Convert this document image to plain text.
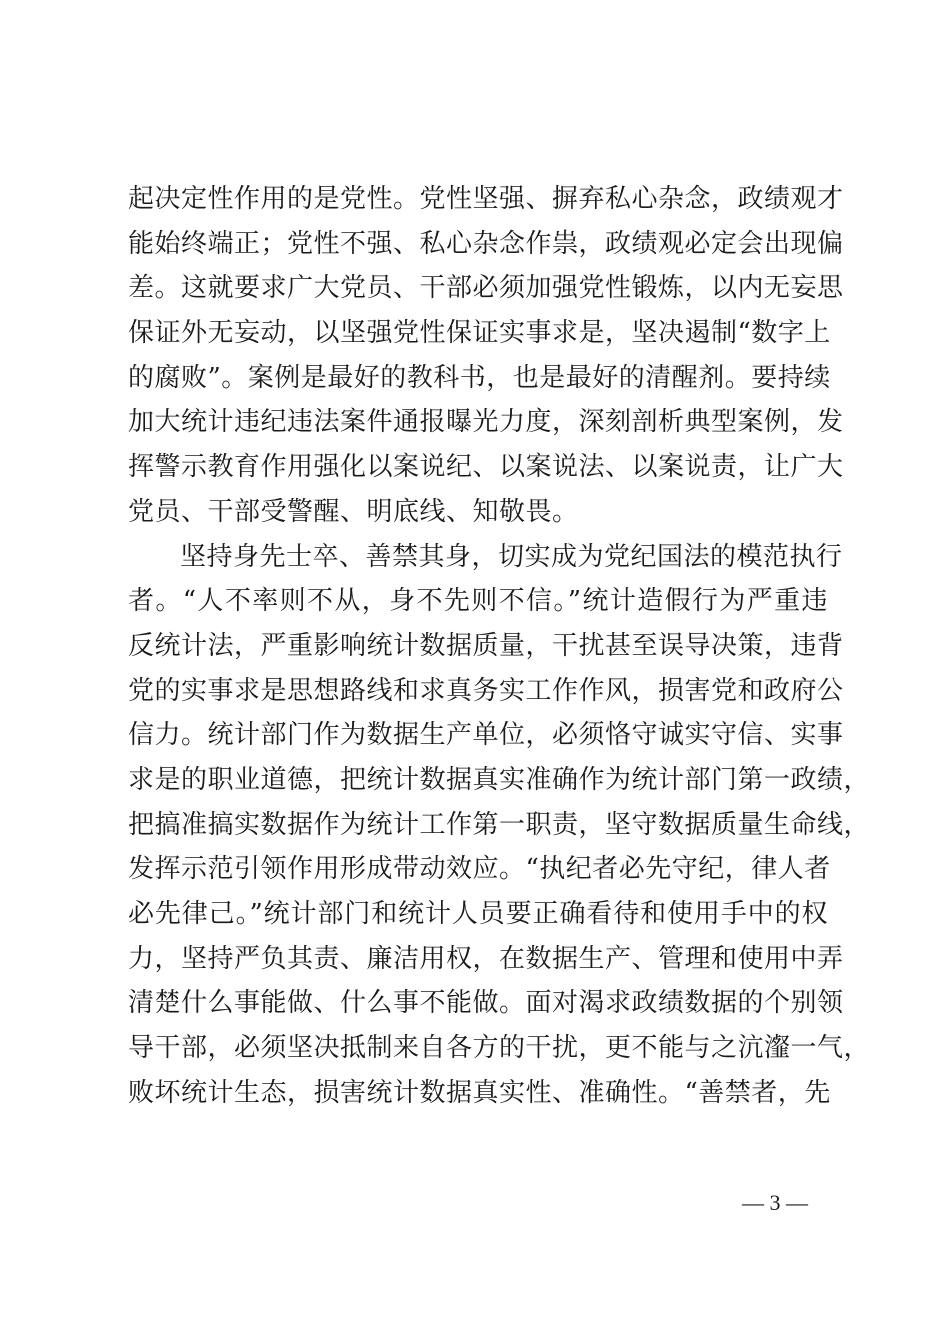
起决定性作用的是党性。党性坚强、摒弃私心杂念，政绩观才
能始终端正；党性不强、私心杂念作祟，政绩观必定会出现偏
差。这就要求广大党员、干部必须加强党性锻炼，以内无妄思
保证外无妄动，以坚强党性保证实事求是，坚决遏制“数字上
的腐败”。案例是最好的教科书，也是最好的清醒剂。要持续
加大统计违纪违法案件通报曝光力度，深刻剖析典型案例，发
挥警示教育作用强化以案说纪、以案说法、以案说责，让广大
党员、干部受警醒、明底线、知敬畏。
坚持身先士卒、善禁其身，切实成为党纪国法的模范执行
者。“人不率则不从，身不先则不信。”统计造假行为严重违
反统计法，严重影响统计数据质量，干扰甚至误导决策，违背
党的实事求是思想路线和求真务实工作作风，损害党和政府公
信力。统计部门作为数据生产单位，必须恪守诚实守信、实事
求是的职业道德，把统计数据真实准确作为统计部门第一政绩，
把搞准搞实数据作为统计工作第一职责，坚守数据质量生命线，
发挥示范引领作用形成带动效应。“执纪者必先守纪，律人者
必先律己。”统计部门和统计人员要正确看待和使用手中的权
力，坚持严负其责、廉洁用权，在数据生产、管理和使用中弄
清楚什么事能做、什么事不能做。面对渴求政绩数据的个别领
导干部，必须坚决抵制来自各方的干扰，更不能与之沆瀣一气，
败坏统计生态，损害统计数据真实性、准确性。“善禁者，先
— 3 —
